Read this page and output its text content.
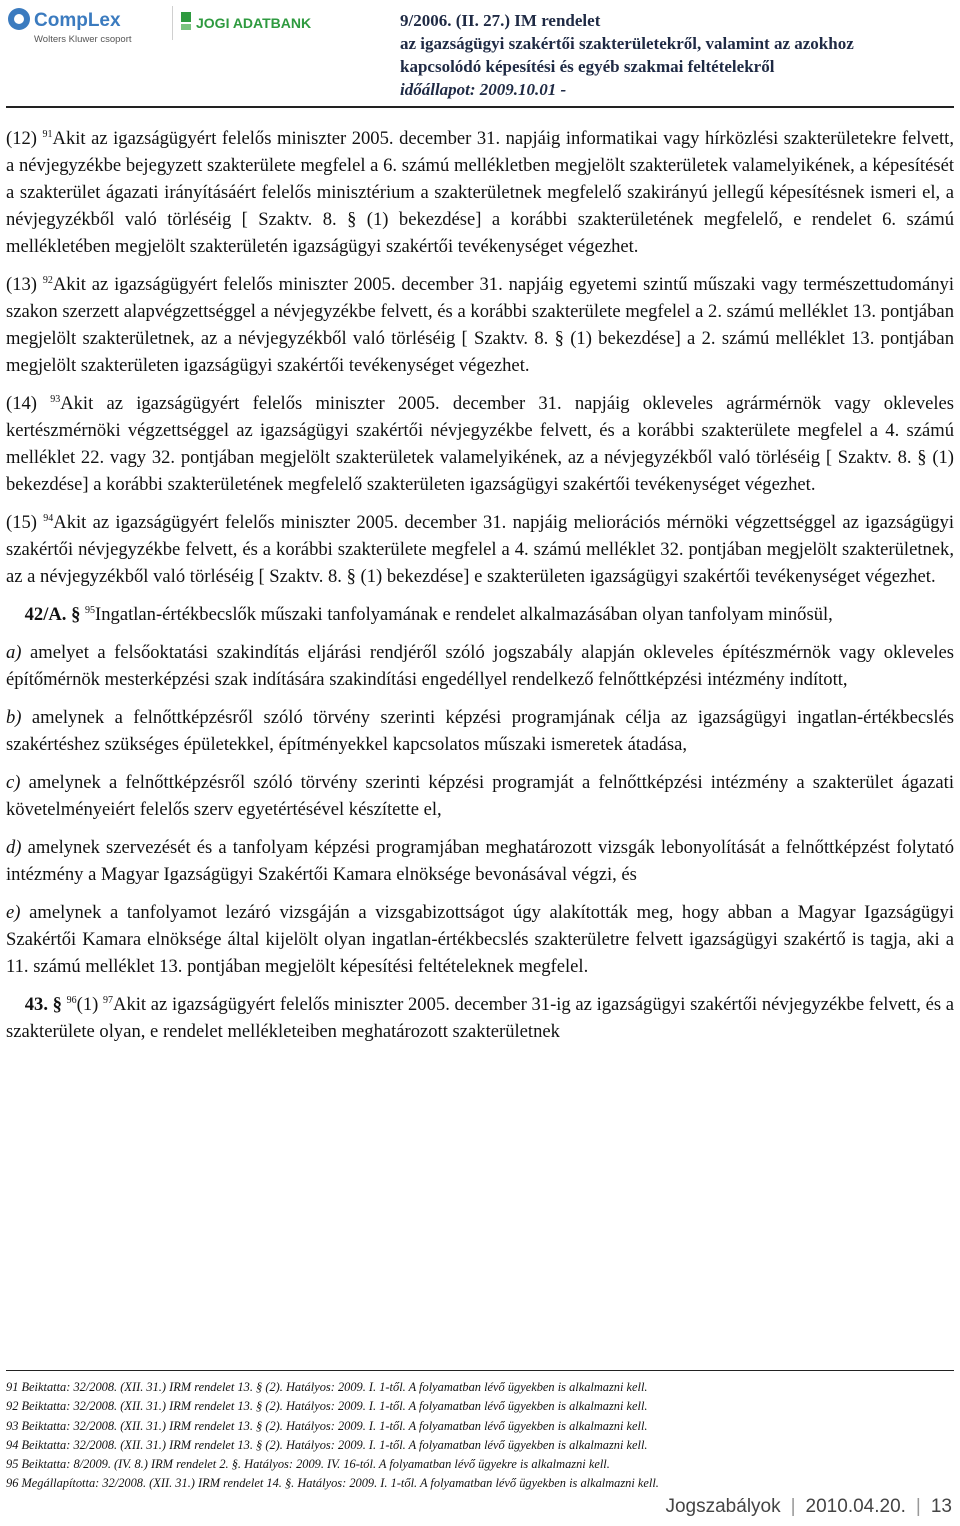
CompLex
Wolters Kluwer csoport
JOGI ADATBANK	9/2006. (II. 27.) IM rendelet
az igazságügyi szakértői szakterületekről, valamint az azokhoz
kapcsolódó képesítési és egyéb szakmai feltételekről
időállapot: 2009.10.01 -

(12) $^{91}$Akit az igazságügyért felelős miniszter 2005. december 31. napjáig informatikai vagy hírközlési szakterületekre felvett, a névjegyzékbe bejegyzett szakterülete megfelel a 6. számú mellékletben megjelölt szakterületek valamelyikének, a képesítését a szakterület ágazati irányításáért felelős minisztérium a szakterületnek megfelelő szakirányú jellegű képesítésnek ismeri el, a névjegyzékből való törléséig [ Szaktv. 8. § (1) bekezdése] a korábbi szakterületének megfelelő, e rendelet 6. számú mellékletében megjelölt szakterületén igazságügyi szakértői tevékenységet végezhet.

(13) $^{92}$Akit az igazságügyért felelős miniszter 2005. december 31. napjáig egyetemi szintű műszaki vagy természettudományi szakon szerzett alapvégzettséggel a névjegyzékbe felvett, és a korábbi szakterülete megfelel a 2. számú melléklet 13. pontjában megjelölt szakterületnek, az a névjegyzékből való törléséig [ Szaktv. 8. § (1) bekezdése] a 2. számú melléklet 13. pontjában megjelölt szakterületen igazságügyi szakértői tevékenységet végezhet.

(14) $^{93}$Akit az igazságügyért felelős miniszter 2005. december 31. napjáig okleveles agrármérnök vagy okleveles kertészmérnöki végzettséggel az igazságügyi szakértői névjegyzékbe felvett, és a korábbi szakterülete megfelel a 4. számú melléklet 22. vagy 32. pontjában megjelölt szakterületek valamelyikének, az a névjegyzékből való törléséig [ Szaktv. 8. § (1) bekezdése] a korábbi szakterületének megfelelő szakterületen igazságügyi szakértői tevékenységet végezhet.

(15) $^{94}$Akit az igazságügyért felelős miniszter 2005. december 31. napjáig meliorációs mérnöki végzettséggel az igazságügyi szakértői névjegyzékbe felvett, és a korábbi szakterülete megfelel a 4. számú melléklet 32. pontjában megjelölt szakterületnek, az a névjegyzékből való törléséig [ Szaktv. 8. § (1) bekezdése] e szakterületen igazságügyi szakértői tevékenységet végezhet.

42/A. § $^{95}$Ingatlan-értékbecslők műszaki tanfolyamának e rendelet alkalmazásában olyan tanfolyam minősül,

a) amelyet a felsőoktatási szakindítás eljárási rendjéről szóló jogszabály alapján okleveles építészmérnök vagy okleveles építőmérnök mesterképzési szak indítására szakindítási engedéllyel rendelkező felnőttképzési intézmény indított,

b) amelynek a felnőttképzésről szóló törvény szerinti képzési programjának célja az igazságügyi ingatlan-értékbecslés szakértéshez szükséges épületekkel, építményekkel kapcsolatos műszaki ismeretek átadása,

c) amelynek a felnőttképzésről szóló törvény szerinti képzési programját a felnőttképzési intézmény a szakterület ágazati követelményeiért felelős szerv egyetértésével készítette el,

d) amelynek szervezését és a tanfolyam képzési programjában meghatározott vizsgák lebonyolítását a felnőttképzést folytató intézmény a Magyar Igazságügyi Szakértői Kamara elnöksége bevonásával végzi, és

e) amelynek a tanfolyamot lezáró vizsgáján a vizsgabizottságot úgy alakították meg, hogy abban a Magyar Igazságügyi Szakértői Kamara elnöksége által kijelölt olyan ingatlan-értékbecslés szakterületre felvett igazságügyi szakértő is tagja, aki a 11. számú melléklet 13. pontjában megjelölt képesítési feltételeknek megfelel.

43. § $^{96}$(1) $^{97}$Akit az igazságügyért felelős miniszter 2005. december 31-ig az igazságügyi szakértői névjegyzékbe felvett, és a szakterülete olyan, e rendelet mellékleteiben meghatározott szakterületnek

91 Beiktatta: 32/2008. (XII. 31.) IRM rendelet 13. § (2). Hatályos: 2009. I. 1-től. A folyamatban lévő ügyekben is alkalmazni kell.
92 Beiktatta: 32/2008. (XII. 31.) IRM rendelet 13. § (2). Hatályos: 2009. I. 1-től. A folyamatban lévő ügyekben is alkalmazni kell.
93 Beiktatta: 32/2008. (XII. 31.) IRM rendelet 13. § (2). Hatályos: 2009. I. 1-től. A folyamatban lévő ügyekben is alkalmazni kell.
94 Beiktatta: 32/2008. (XII. 31.) IRM rendelet 13. § (2). Hatályos: 2009. I. 1-től. A folyamatban lévő ügyekben is alkalmazni kell.
95 Beiktatta: 8/2009. (IV. 8.) IRM rendelet 2. §. Hatályos: 2009. IV. 16-tól. A folyamatban lévő ügyekre is alkalmazni kell.
96 Megállapította: 32/2008. (XII. 31.) IRM rendelet 14. §. Hatályos: 2009. I. 1-től. A folyamatban lévő ügyekben is alkalmazni kell.
Jogszabályok | 2010.04.20. | 13
